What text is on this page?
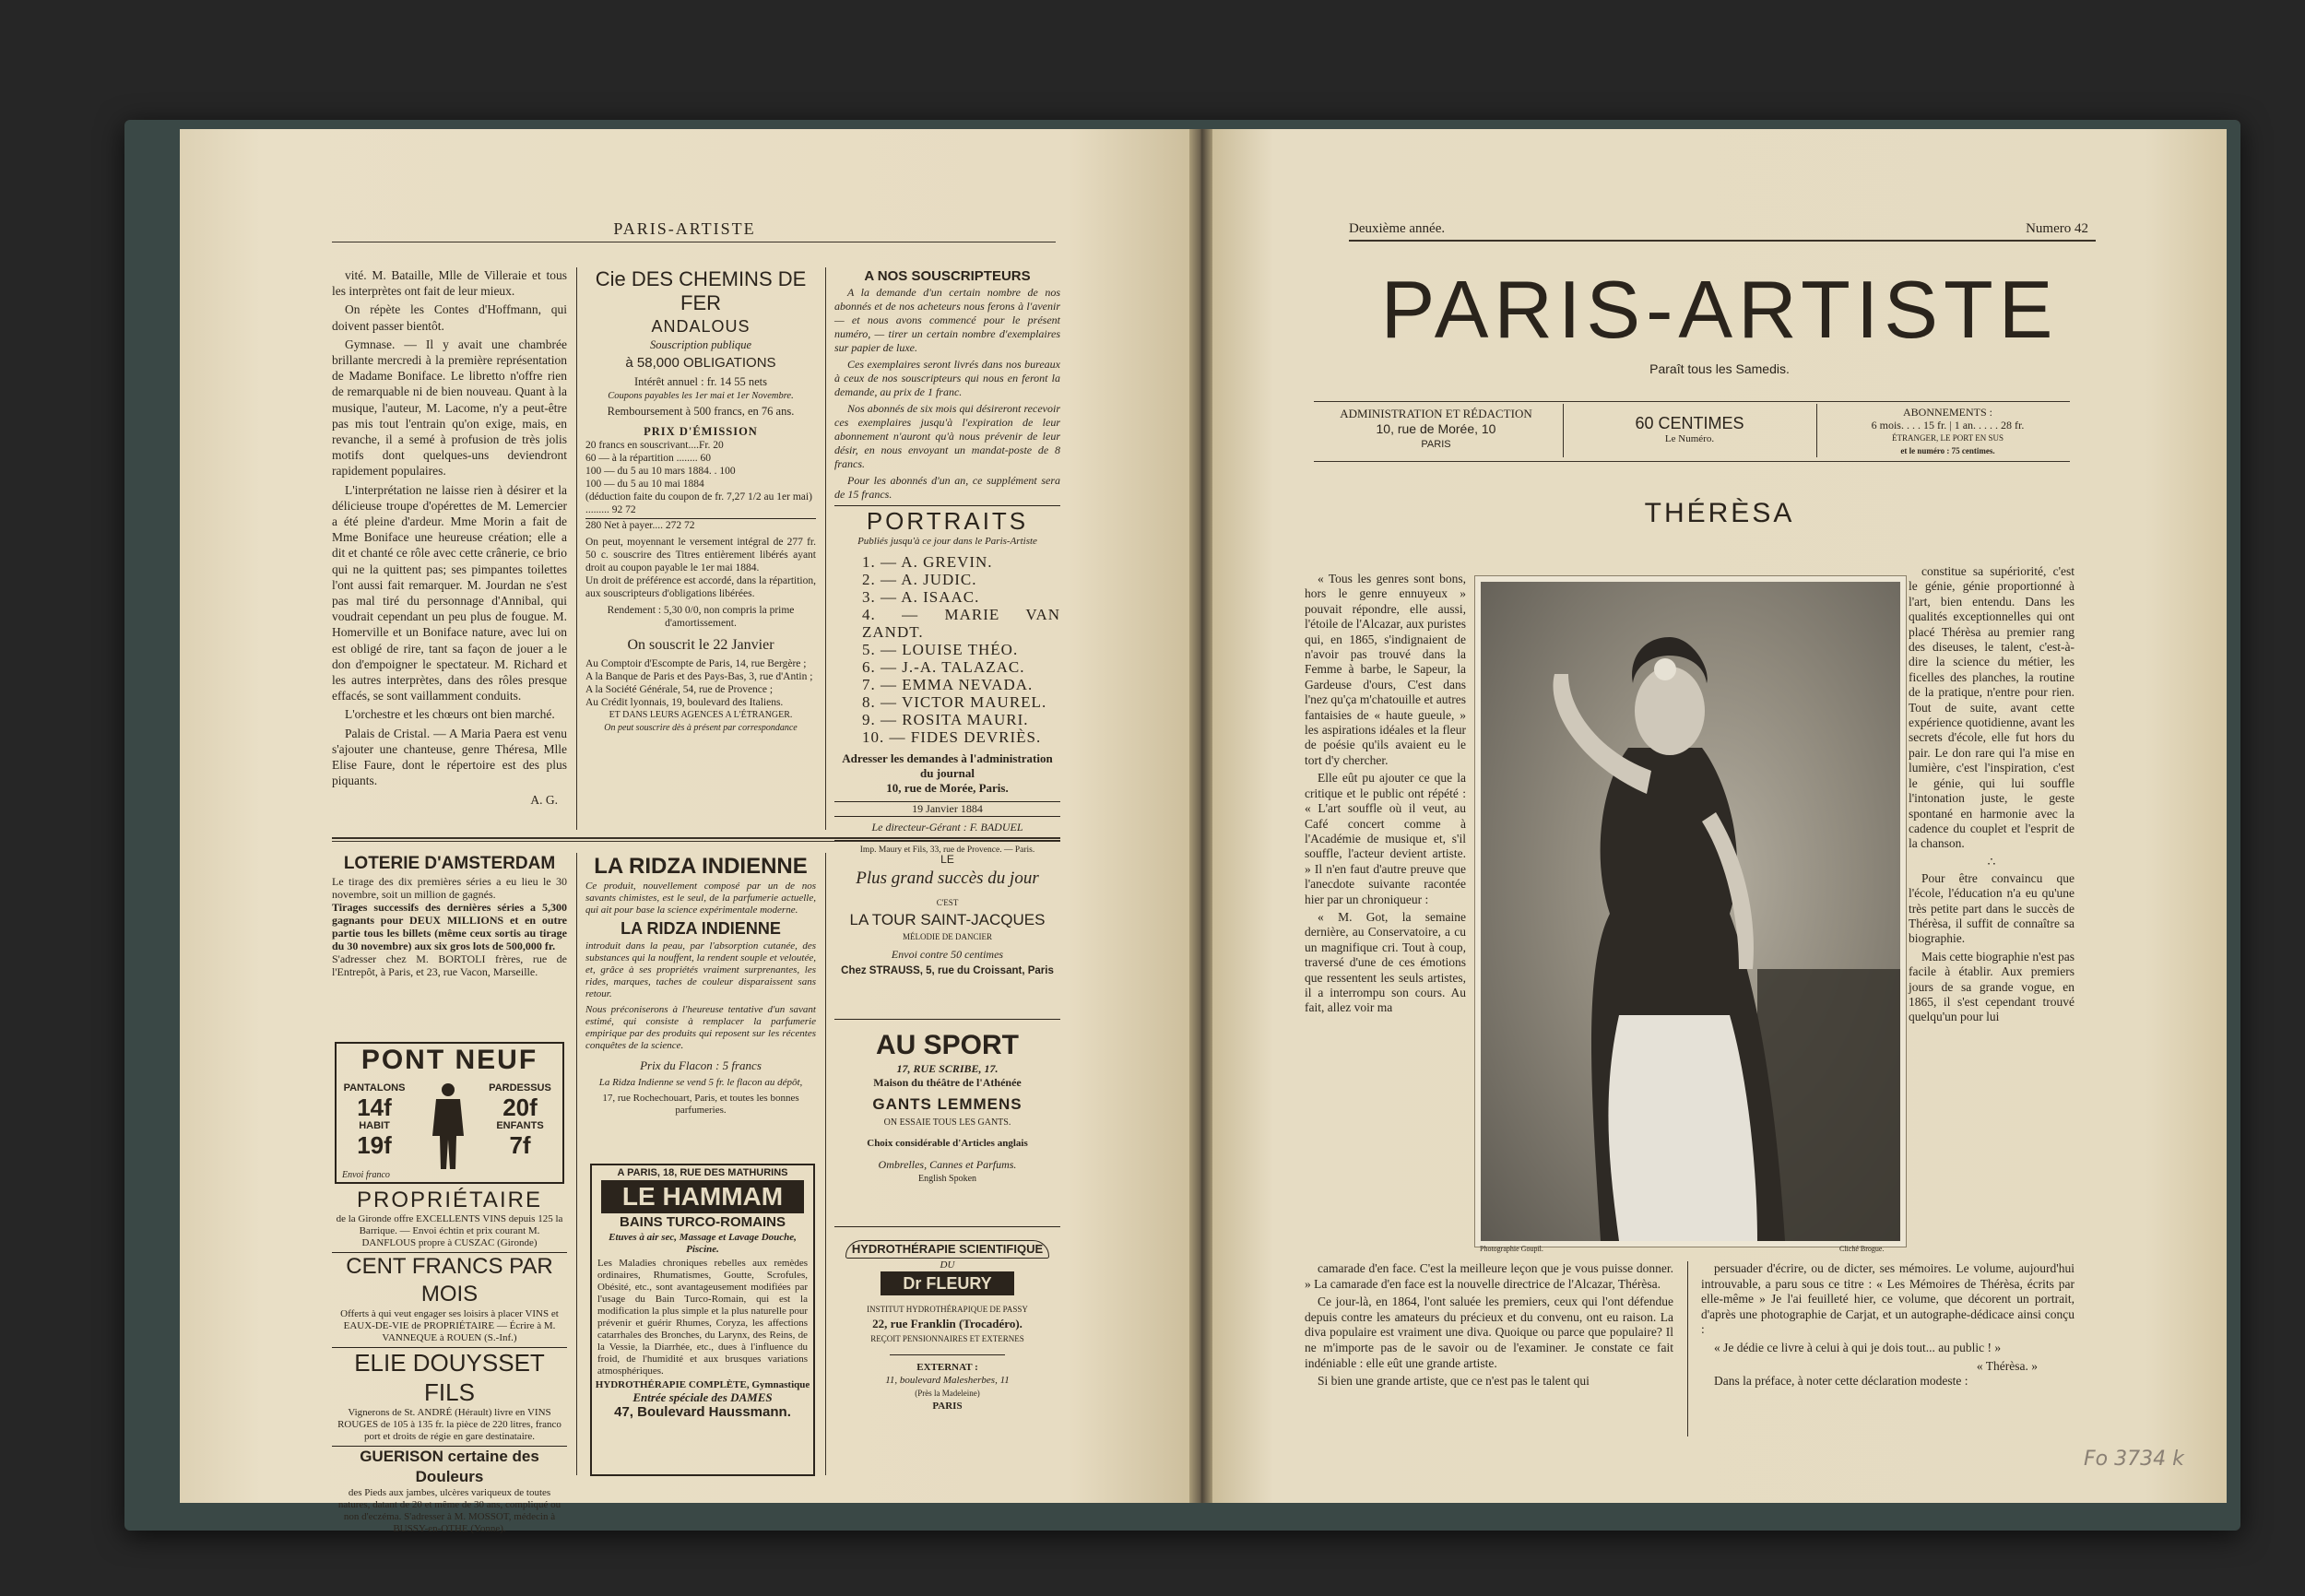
PARIS-ARTISTE

vité. M. Bataille, Mlle de Villeraie et tous les interprètes ont fait de leur mieux.

On répète les Contes d'Hoffmann, qui doivent passer bientôt.

Gymnase. — Il y avait une chambrée brillante mercredi à la première représentation de Madame Boniface. Le libretto n'offre rien de remarquable ni de bien nouveau. Quant à la musique, l'auteur, M. Lacome, n'y a peut-être pas mis tout l'entrain qu'on exige, mais, en revanche, il a semé à profusion de très jolis motifs dont quelques-uns deviendront rapidement populaires.

L'interprétation ne laisse rien à désirer et la délicieuse troupe d'opérettes de M. Lemercier a été pleine d'ardeur. Mme Morin a fait de Mme Boniface une heureuse création; elle a dit et chanté ce rôle avec cette crânerie, ce brio qui ne la quittent pas; ses pimpantes toilettes l'ont aussi fait remarquer. M. Jourdan ne s'est pas mal tiré du personnage d'Annibal, qui voudrait cependant un peu plus de fougue. M. Homerville et un Boniface nature, avec lui on est obligé de rire, tant sa façon de jouer a le don d'empoigner le spectateur. M. Richard et les autres interprètes, dans des rôles presque effacés, se sont vaillamment conduits.

L'orchestre et les chœurs ont bien marché.

Palais de Cristal. — A Maria Paera est venu s'ajouter une chanteuse, genre Théresa, Mlle Elise Faure, dont le répertoire est des plus piquants.

A. G.
Cie DES CHEMINS DE FER
ANDALOUS
Souscription publique
à 58,000 OBLIGATIONS
Intérêt annuel : fr. 14 55 nets
Coupons payables les 1er mai et 1er Novembre.
Remboursement à 500 francs, en 76 ans.
PRIX D'ÉMISSION
20 francs en souscrivant....Fr. 20
60 — à la répartition ........ 60
100 — du 5 au 10 mars 1884. . 100
100 — du 5 au 10 mai 1884
(déduction faite du coupon de fr. 7,27 1/2 au 1er mai) ......... 92 72
280 Net à payer.... 272 72
On peut, moyennant le versement intégral de 277 fr. 50 c. souscrire des Titres entièrement libérés ayant droit au coupon payable le 1er mai 1884.
Un droit de préférence est accordé, dans la répartition, aux souscripteurs d'obligations libérées.
Rendement : 5,30 0/0, non compris la prime d'amortissement.
On souscrit le 22 Janvier
Au Comptoir d'Escompte de Paris, 14, rue Bergère ;
A la Banque de Paris et des Pays-Bas, 3, rue d'Antin ;
A la Société Générale, 54, rue de Provence ;
Au Crédit lyonnais, 19, boulevard des Italiens.
ET DANS LEURS AGENCES A L'ÉTRANGER.
On peut souscrire dès à présent par correspondance
A NOS SOUSCRIPTEURS

A la demande d'un certain nombre de nos abonnés et de nos acheteurs nous ferons à l'avenir — et nous avons commencé pour le présent numéro, — tirer un certain nombre d'exemplaires sur papier de luxe.

Ces exemplaires seront livrés dans nos bureaux à ceux de nos souscripteurs qui nous en feront la demande, au prix de 1 franc.

Nos abonnés de six mois qui désireront recevoir ces exemplaires jusqu'à l'expiration de leur abonnement n'auront qu'à nous prévenir de leur désir, en nous envoyant un mandat-poste de 8 francs.

Pour les abonnés d'un an, ce supplément sera de 15 francs.

PORTRAITS
Publiés jusqu'à ce jour dans le Paris-Artiste
1. — A. GREVIN.
2. — A. JUDIC.
3. — A. ISAAC.
4. — MARIE VAN ZANDT.
5. — LOUISE THÉO.
6. — J.-A. TALAZAC.
7. — EMMA NEVADA.
8. — VICTOR MAUREL.
9. — ROSITA MAURI.
10. — FIDES DEVRIÈS.
Adresser les demandes à l'administration du journal
10, rue de Morée, Paris.
19 Janvier 1884
Le directeur-Gérant : F. BADUEL
Imp. Maury et Fils, 33, rue de Provence. — Paris.
LOTERIE D'AMSTERDAM
Le tirage des dix premières séries a eu lieu le 30 novembre, soit un million de gagnés.
Tirages successifs des dernières séries a 5,300 gagnants pour DEUX MILLIONS et en outre partie tous les billets (même ceux sortis au tirage du 30 novembre) aux six gros lots de 500,000 fr.
S'adresser chez M. BORTOLI frères, rue de l'Entrepôt, à Paris, et 23, rue Vacon, Marseille.
PONT NEUF
PANTALONS
14f
HABIT
19f
PARDESSUS
20f
ENFANTS
7f
Envoi franco
PROPRIÉTAIRE
de la Gironde offre EXCELLENTS VINS depuis 125 la Barrique. — Envoi échtin et prix courant M. DANFLOUS propre à CUSZAC (Gironde)
CENT FRANCS PAR MOIS
Offerts à qui veut engager ses loisirs à placer VINS et EAUX-DE-VIE de PROPRIÉTAIRE — Écrire à M. VANNEQUE à ROUEN (S.-Inf.)
ELIE DOUYSSET FILS
Vignerons de St. ANDRÉ (Hérault) livre en VINS ROUGES de 105 à 135 fr. la pièce de 220 litres, franco port et droits de régie en gare destinataire.
GUERISON certaine des Douleurs
des Pieds aux jambes, ulcères variqueux de toutes natures, datant de 20 et même de 30 ans, compliqué ou non d'eczéma. S'adresser à M. MOSSOT, médecin à BUSSY-en-OTHE (Yonne).
LA RIDZA INDIENNE
Ce produit, nouvellement composé par un de nos savants chimistes, est le seul, de la parfumerie actuelle, qui ait pour base la science expérimentale moderne.
LA RIDZA INDIENNE
introduit dans la peau, par l'absorption cutanée, des substances qui la nouffent, la rendent souple et veloutée, et, grâce à ses propriétés vraiment surprenantes, les rides, marques, taches de couleur disparaissent sans retour.
Nous préconiserons à l'heureuse tentative d'un savant estimé, qui consiste à remplacer la parfumerie empirique par des produits qui reposent sur les récentes conquêtes de la science.
Prix du Flacon : 5 francs
La Ridza Indienne se vend 5 fr. le flacon au dépôt,
17, rue Rochechouart, Paris, et toutes les bonnes parfumeries.
A PARIS, 18, RUE DES MATHURINS
LE HAMMAM
BAINS TURCO-ROMAINS
Etuves à air sec, Massage et Lavage Douche, Piscine.
Les Maladies chroniques rebelles aux remèdes ordinaires, Rhumatismes, Goutte, Scrofules, Obésité, etc., sont avantageusement modifiées par l'usage du Bain Turco-Romain, qui est la modification la plus simple et la plus naturelle pour prévenir et guérir Rhumes, Coryza, les affections catarrhales des Bronches, du Larynx, des Reins, de la Vessie, la Diarrhée, etc., dues à l'influence du froid, de l'humidité et aux brusques variations atmosphériques.
HYDROTHÉRAPIE COMPLÈTE, Gymnastique
Entrée spéciale des DAMES
47, Boulevard Haussmann.
LE
Plus grand succès du jour
C'EST
LA TOUR SAINT-JACQUES
MÉLODIE DE DANCIER
Envoi contre 50 centimes
Chez STRAUSS, 5, rue du Croissant, Paris
AU SPORT
17, RUE SCRIBE, 17.
Maison du théâtre de l'Athénée
GANTS LEMMENS
ON ESSAIE TOUS LES GANTS.
Choix considérable d'Articles anglais
Ombrelles, Cannes et Parfums.
English Spoken
HYDROTHÉRAPIE SCIENTIFIQUE
DU
Dr FLEURY
INSTITUT HYDROTHÉRAPIQUE DE PASSY
22, rue Franklin (Trocadéro).
REÇOIT PENSIONNAIRES ET EXTERNES
EXTERNAT :
11, boulevard Malesherbes, 11
(Près la Madeleine)
PARIS
Deuxième année.	Numero 42
PARIS-ARTISTE
Paraît tous les Samedis.
ADMINISTRATION ET RÉDACTION
10, rue de Morée, 10
PARIS
60 CENTIMES
Le Numéro.
ABONNEMENTS :
6 mois. . . . 15 fr. | 1 an. . . . . 28 fr.
ÉTRANGER, LE PORT EN SUS
et le numéro : 75 centimes.
THÉRÈSA

« Tous les genres sont bons, hors le genre ennuyeux » pouvait répondre, elle aussi, l'étoile de l'Alcazar, aux puristes qui, en 1865, s'indignaient de n'avoir pas trouvé dans la Femme à barbe, le Sapeur, la Gardeuse d'ours, C'est dans l'nez qu'ça m'chatouille et autres fantaisies de « haute gueule, » les aspirations idéales et la fleur de poésie qu'ils avaient eu le tort d'y chercher.

Elle eût pu ajouter ce que la critique et le public ont répété : « L'art souffle où il veut, au Café concert comme à l'Académie de musique et, s'il souffle, l'acteur devient artiste. » Il n'en faut d'autre preuve que l'anecdote suivante racontée hier par un chroniqueur :

« M. Got, la semaine dernière, au Conservatoire, a cu un magnifique cri. Tout à coup, traversé d'une de ces émotions que ressentent les seuls artistes, il a interrompu son cours. Au fait, allez voir ma

Photographie Goupil.	Cliché Brogue.

constitue sa supériorité, c'est le génie, génie proportionné à l'art, bien entendu. Dans les qualités exceptionnelles qui ont placé Thérèsa au premier rang des diseuses, le talent, c'est-à-dire la science du métier, les ficelles des planches, la routine de la pratique, n'entre pour rien. Tout de suite, avant cette expérience quotidienne, avant les secrets d'école, elle fut hors du pair. Le don rare qui l'a mise en lumière, c'est l'inspiration, c'est le génie, qui lui souffle l'intonation juste, le geste spontané en harmonie avec la cadence du couplet et l'esprit de la chanson.

∴

Pour être convaincu que l'école, l'éducation n'a eu qu'une très petite part dans le succès de Thérèsa, il suffit de connaître sa biographie.

Mais cette biographie n'est pas facile à établir. Aux premiers jours de sa grande vogue, en 1865, il s'est cependant trouvé quelqu'un pour lui

camarade d'en face. C'est la meilleure leçon que je vous puisse donner. » La camarade d'en face est la nouvelle directrice de l'Alcazar, Thérèsa.

Ce jour-là, en 1864, l'ont saluée les premiers, ceux qui l'ont défendue depuis contre les amateurs du précieux et du convenu, ont eu raison. La diva populaire est vraiment une diva. Quoique ou parce que populaire? Il ne m'importe pas de le savoir ou de l'examiner. Je constate ce fait indéniable : elle eût une grande artiste.

Si bien une grande artiste, que ce n'est pas le talent qui

persuader d'écrire, ou de dicter, ses mémoires. Le volume, aujourd'hui introuvable, a paru sous ce titre : « Les Mémoires de Thérèsa, écrits par elle-même » Je l'ai feuilleté hier, ce volume, que décorent un portrait, d'après une photographie de Carjat, et un autographe-dédicace ainsi conçu :

« Je dédie ce livre à celui à qui je dois tout... au public ! »

« Thérèsa. »

Dans la préface, à noter cette déclaration modeste :

Fo 3734 k
